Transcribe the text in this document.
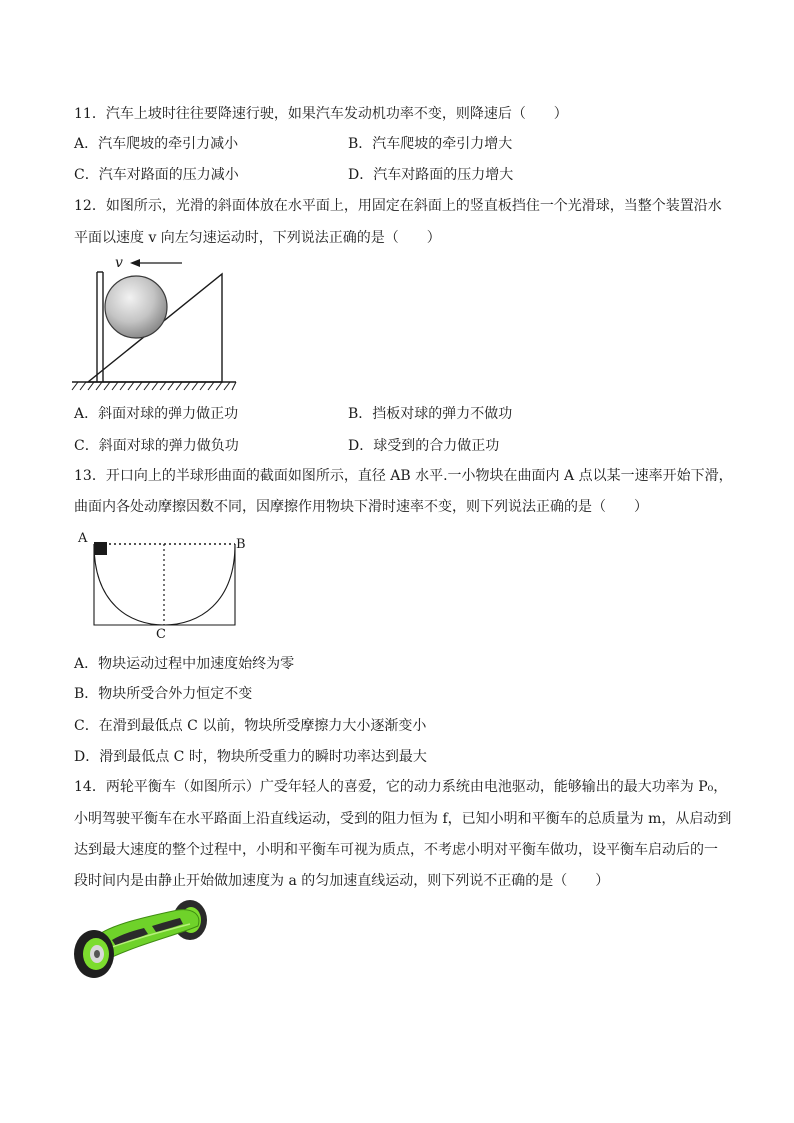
11．汽车上坡时往往要降速行驶，如果汽车发动机功率不变，则降速后（　　）
A．汽车爬坡的牵引力减小	B．汽车爬坡的牵引力增大
C．汽车对路面的压力减小	D．汽车对路面的压力增大
12．如图所示，光滑的斜面体放在水平面上，用固定在斜面上的竖直板挡住一个光滑球，当整个装置沿水
平面以速度 v 向左匀速运动时，下列说法正确的是（　　）
v
A．斜面对球的弹力做正功	B．挡板对球的弹力不做功
C．斜面对球的弹力做负功	D．球受到的合力做正功
13．开口向上的半球形曲面的截面如图所示，直径 AB 水平.一小物块在曲面内 A 点以某一速率开始下滑，
曲面内各处动摩擦因数不同，因摩擦作用物块下滑时速率不变，则下列说法正确的是（　　）
A	B
C
A．物块运动过程中加速度始终为零
B．物块所受合外力恒定不变
C．在滑到最低点 C 以前，物块所受摩擦力大小逐渐变小
D．滑到最低点 C 时，物块所受重力的瞬时功率达到最大
14．两轮平衡车（如图所示）广受年轻人的喜爱，它的动力系统由电池驱动，能够输出的最大功率为 P₀，
小明驾驶平衡车在水平路面上沿直线运动，受到的阻力恒为 f，已知小明和平衡车的总质量为 m，从启动到
达到最大速度的整个过程中，小明和平衡车可视为质点，不考虑小明对平衡车做功，设平衡车启动后的一
段时间内是由静止开始做加速度为 a 的匀加速直线运动，则下列说不正确的是（　　）
